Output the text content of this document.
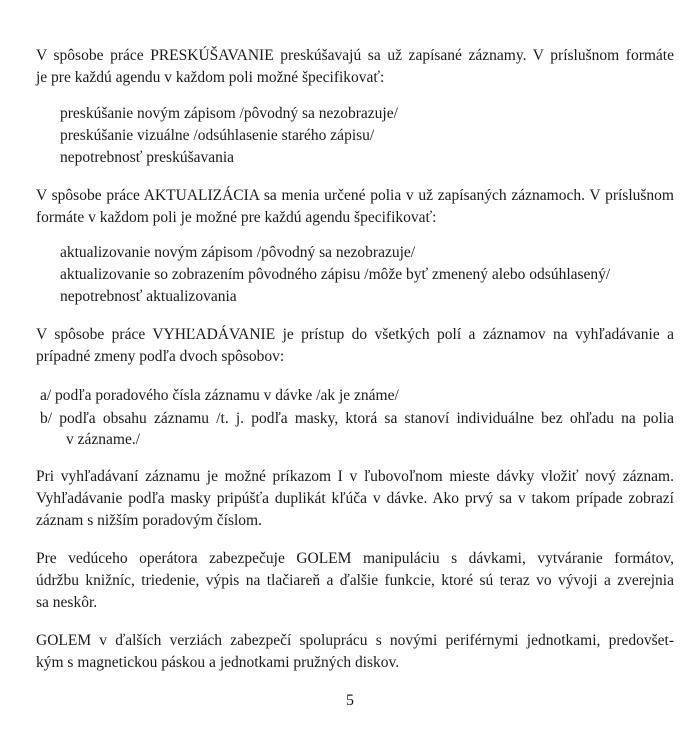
V spôsobe práce PRESKÚŠAVANIE preskúšavajú sa už zapísané záznamy. V príslušnom formáte
je pre každú agendu v každom poli možné špecifikovať:
preskúšanie novým zápisom /pôvodný sa nezobrazuje/
preskúšanie vizuálne /odsúhlasenie starého zápisu/
nepotrebnosť preskúšavania
V spôsobe práce AKTUALIZÁCIA sa menia určené polia v už zapísaných záznamoch. V príslušnom
formáte v každom poli je možné pre každú agendu špecifikovať:
aktualizovanie novým zápisom /pôvodný sa nezobrazuje/
aktualizovanie so zobrazením pôvodného zápisu /môže byť zmenený alebo odsúhlasený/
nepotrebnosť aktualizovania
V spôsobe práce VYHĽADÁVANIE je prístup do všetkých polí a záznamov na vyhľadávanie a
prípadné zmeny podľa dvoch spôsobov:
a/ podľa poradového čísla záznamu v dávke /ak je známe/
b/ podľa obsahu záznamu /t. j. podľa masky, ktorá sa stanoví individuálne bez ohľadu na polia
v zázname./
Pri vyhľadávaní záznamu je možné príkazom I v ľubovoľnom mieste dávky vložiť nový záznam.
Vyhľadávanie podľa masky pripúšťa duplikát kľúča v dávke. Ako prvý sa v takom prípade zobrazí
záznam s nižším poradovým číslom.
Pre vedúceho operátora zabezpečuje GOLEM manipuláciu s dávkami, vytváranie formátov,
údržbu knižníc, triedenie, výpis na tlačiareň a ďalšie funkcie, ktoré sú teraz vo vývoji a zverejnia
sa neskôr.
GOLEM v ďalších verziách zabezpečí spoluprácu s novými periférnymi jednotkami, predovšet-
kým s magnetickou páskou a jednotkami pružných diskov.
5
